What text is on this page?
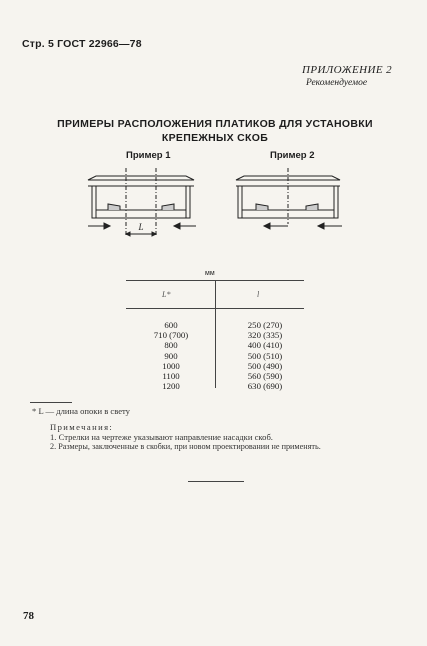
Стр. 5 ГОСТ 22966—78
ПРИЛОЖЕНИЕ 2
Рекомендуемое
ПРИМЕРЫ РАСПОЛОЖЕНИЯ ПЛАТИКОВ ДЛЯ УСТАНОВКИ
КРЕПЕЖНЫХ СКОБ
Пример 1	Пример 2
L
мм
L*	l
600
710 (700)
800
900
1000
1100
1200
250 (270)
320 (335)
400 (410)
500 (510)
500 (490)
560 (590)
630 (690)
* L — длина опоки в свету
Примечания:
1. Стрелки на чертеже указывают направление насадки скоб.
2. Размеры, заключенные в скобки, при новом проектировании не применять.
78
